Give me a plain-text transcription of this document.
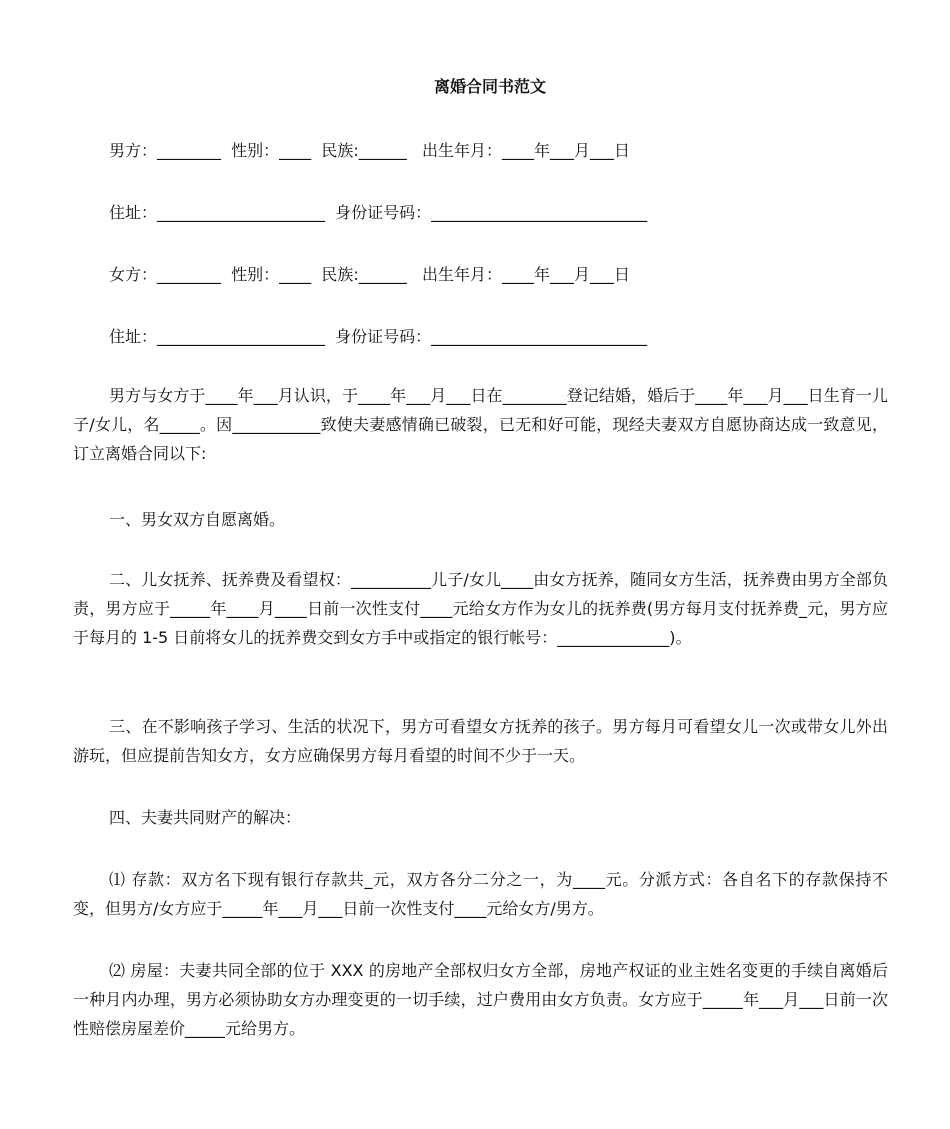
离婚合同书范文
男方：________  性别：____  民族:______   出生年月：____年___月___日
住址：_____________________  身份证号码：___________________________
女方：________  性别：____  民族:______   出生年月：____年___月___日
住址：_____________________  身份证号码：___________________________
男方与女方于____年___月认识，于____年___月___日在________登记结婚，婚后于____年___月___日生育一儿子/女儿，名_____。因___________致使夫妻感情确已破裂，已无和好可能，现经夫妻双方自愿协商达成一致意见，订立离婚合同以下:
一、男女双方自愿离婚。
二、儿女抚养、抚养费及看望权：__________儿子/女儿____由女方抚养，随同女方生活，抚养费由男方全部负责，男方应于_____年____月____日前一次性支付____元给女方作为女儿的抚养费(男方每月支付抚养费_元，男方应于每月的 1-5 日前将女儿的抚养费交到女方手中或指定的银行帐号：______________)。
三、在不影响孩子学习、生活的状况下，男方可看望女方抚养的孩子。男方每月可看望女儿一次或带女儿外出游玩，但应提前告知女方，女方应确保男方每月看望的时间不少于一天。
四、夫妻共同财产的解决：
⑴ 存款：双方名下现有银行存款共_元，双方各分二分之一，为____元。分派方式：各自名下的存款保持不变，但男方/女方应于_____年___月___日前一次性支付____元给女方/男方。
⑵ 房屋：夫妻共同全部的位于 XXX 的房地产全部权归女方全部，房地产权证的业主姓名变更的手续自离婚后一种月内办理，男方必须协助女方办理变更的一切手续，过户费用由女方负责。女方应于_____年___月___日前一次性赔偿房屋差价_____元给男方。
